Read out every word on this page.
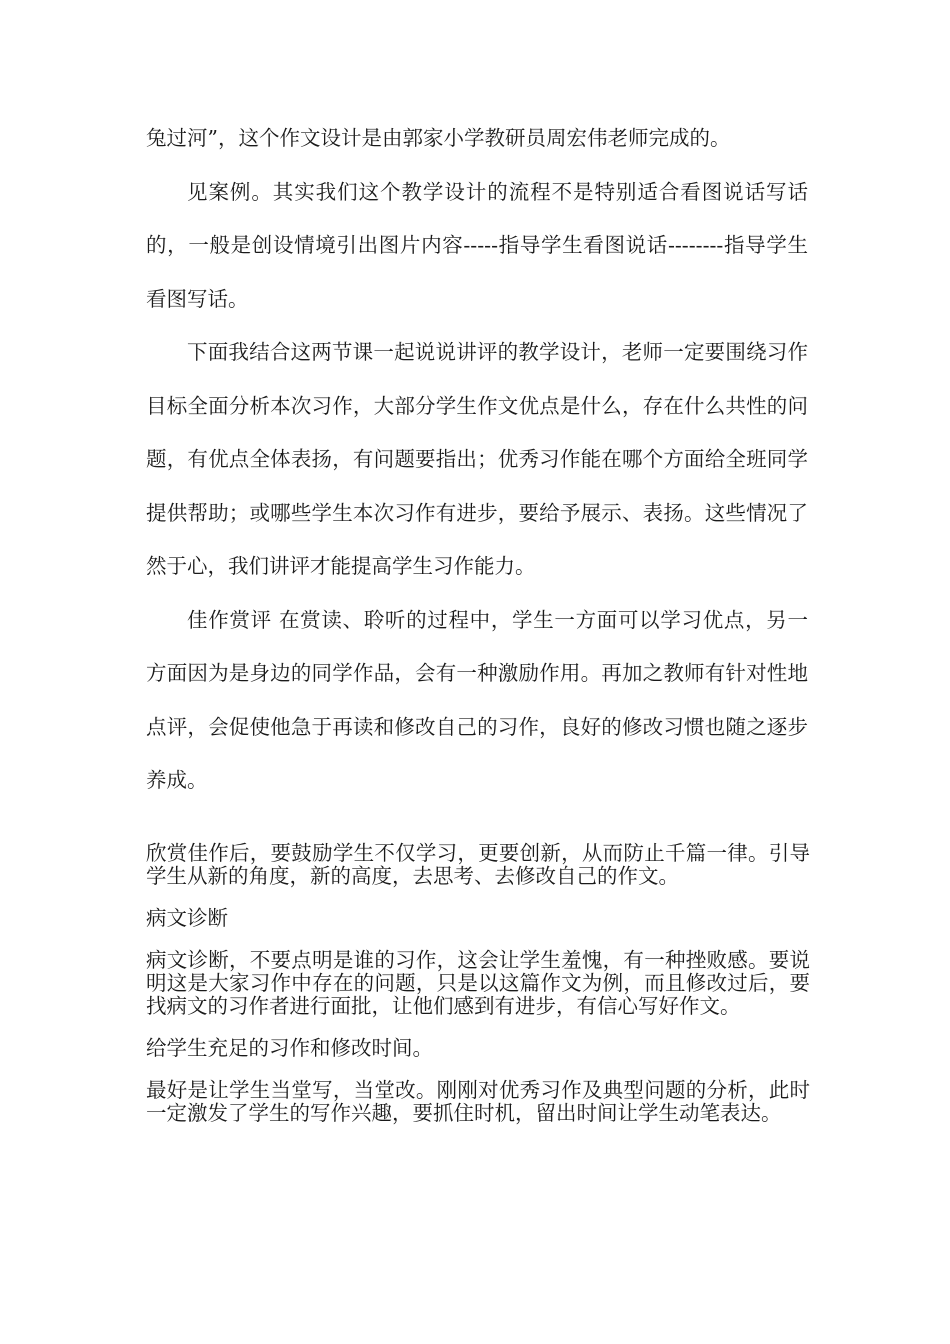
兔过河”，这个作文设计是由郭家小学教研员周宏伟老师完成的。

见案例。其实我们这个教学设计的流程不是特别适合看图说话写话的，一般是创设情境引出图片内容-----指导学生看图说话--------指导学生看图写话。

下面我结合这两节课一起说说讲评的教学设计，老师一定要围绕习作目标全面分析本次习作，大部分学生作文优点是什么，存在什么共性的问题，有优点全体表扬，有问题要指出；优秀习作能在哪个方面给全班同学提供帮助；或哪些学生本次习作有进步，要给予展示、表扬。这些情况了然于心，我们讲评才能提高学生习作能力。

佳作赏评 在赏读、聆听的过程中，学生一方面可以学习优点，另一方面因为是身边的同学作品，会有一种激励作用。再加之教师有针对性地点评，会促使他急于再读和修改自己的习作，良好的修改习惯也随之逐步养成。

欣赏佳作后，要鼓励学生不仅学习，更要创新，从而防止千篇一律。引导学生从新的角度，新的高度，去思考、去修改自己的作文。

病文诊断

病文诊断，不要点明是谁的习作，这会让学生羞愧，有一种挫败感。要说明这是大家习作中存在的问题，只是以这篇作文为例，而且修改过后，要找病文的习作者进行面批，让他们感到有进步，有信心写好作文。

给学生充足的习作和修改时间。

最好是让学生当堂写，当堂改。刚刚对优秀习作及典型问题的分析，此时一定激发了学生的写作兴趣，要抓住时机，留出时间让学生动笔表达。
